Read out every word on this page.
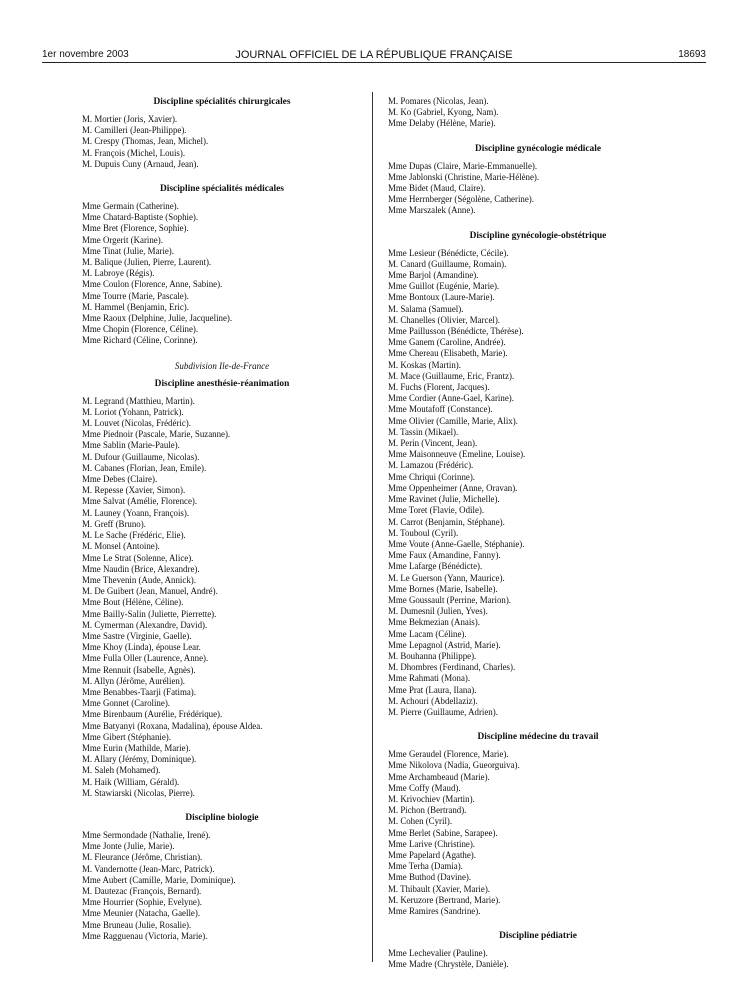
1er novembre 2003	JOURNAL OFFICIEL DE LA RÉPUBLIQUE FRANÇAISE	18693
Discipline spécialités chirurgicales
M. Mortier (Joris, Xavier).
M. Camilleri (Jean-Philippe).
M. Crespy (Thomas, Jean, Michel).
M. François (Michel, Louis).
M. Dupuis Cuny (Arnaud, Jean).
Discipline spécialités médicales
Mme Germain (Catherine).
Mme Chatard-Baptiste (Sophie).
Mme Bret (Florence, Sophie).
Mme Orgerit (Karine).
Mme Tinat (Julie, Marie).
M. Balique (Julien, Pierre, Laurent).
M. Labroye (Régis).
Mme Coulon (Florence, Anne, Sabine).
Mme Tourre (Marie, Pascale).
M. Hammel (Benjamin, Eric).
Mme Raoux (Delphine, Julie, Jacqueline).
Mme Chopin (Florence, Céline).
Mme Richard (Céline, Corinne).
Subdivision Ile-de-France
Discipline anesthésie-réanimation
M. Legrand (Matthieu, Martin).
M. Loriot (Yohann, Patrick).
M. Louvet (Nicolas, Frédéric).
Mme Piednoir (Pascale, Marie, Suzanne).
Mme Sablin (Marie-Paule).
M. Dufour (Guillaume, Nicolas).
M. Cabanes (Florian, Jean, Emile).
Mme Debes (Claire).
M. Repesse (Xavier, Simon).
Mme Salvat (Amélie, Florence).
M. Launey (Yoann, François).
M. Greff (Bruno).
M. Le Sache (Frédéric, Elie).
M. Monsel (Antoine).
Mme Le Strat (Solenne, Alice).
Mme Naudin (Brice, Alexandre).
Mme Thevenin (Aude, Annick).
M. De Guibert (Jean, Manuel, André).
Mme Bout (Hélène, Céline).
Mme Bailly-Salin (Juliette, Pierrette).
M. Cymerman (Alexandre, David).
Mme Sastre (Virginie, Gaelle).
Mme Khoy (Linda), épouse Lear.
Mme Fulla Oller (Laurence, Anne).
Mme Rennuit (Isabelle, Agnès).
M. Allyn (Jérôme, Aurélien).
Mme Benabbes-Taarji (Fatima).
Mme Gonnet (Caroline).
Mme Birenbaum (Aurélie, Frédérique).
Mme Batyanyi (Roxana, Madalina), épouse Aldea.
Mme Gibert (Stéphanie).
Mme Eurin (Mathilde, Marie).
M. Allary (Jérémy, Dominique).
M. Saleh (Mohamed).
M. Haik (William, Gérald).
M. Stawiarski (Nicolas, Pierre).
Discipline biologie
Mme Sermondade (Nathalie, Irené).
Mme Jonte (Julie, Marie).
M. Fleurance (Jérôme, Christian).
M. Vandernotte (Jean-Marc, Patrick).
Mme Aubert (Camille, Marie, Dominique).
M. Dautezac (François, Bernard).
Mme Hourrier (Sophie, Evelyne).
Mme Meunier (Natacha, Gaelle).
Mme Bruneau (Julie, Rosalie).
Mme Ragguenau (Victoria, Marie).
M. Pomares (Nicolas, Jean).
M. Ko (Gabriel, Kyong, Nam).
Mme Delaby (Hélène, Marie).
Discipline gynécologie médicale
Mme Dupas (Claire, Marie-Emmanuelle).
Mme Jablonski (Christine, Marie-Hélène).
Mme Bidet (Maud, Claire).
Mme Herrnberger (Ségolène, Catherine).
Mme Marszalek (Anne).
Discipline gynécologie-obstétrique
Mme Lesieur (Bénédicte, Cécile).
M. Canard (Guillaume, Romain).
Mme Barjol (Amandine).
Mme Guillot (Eugénie, Marie).
Mme Bontoux (Laure-Marie).
M. Salama (Samuel).
M. Chanelles (Olivier, Marcel).
Mme Paillusson (Bénédicte, Thérèse).
Mme Ganem (Caroline, Andrée).
Mme Chereau (Elisabeth, Marie).
M. Koskas (Martin).
M. Mace (Guillaume, Eric, Frantz).
M. Fuchs (Florent, Jacques).
Mme Cordier (Anne-Gael, Karine).
Mme Moutafoff (Constance).
Mme Olivier (Camille, Marie, Alix).
M. Tassin (Mikael).
M. Perin (Vincent, Jean).
Mme Maisonneuve (Emeline, Louise).
M. Lamazou (Frédéric).
Mme Chriqui (Corinne).
Mme Oppenheimer (Anne, Oravan).
Mme Ravinet (Julie, Michelle).
Mme Toret (Flavie, Odile).
M. Carrot (Benjamin, Stéphane).
M. Touboul (Cyril).
Mme Voute (Anne-Gaelle, Stéphanie).
Mme Faux (Amandine, Fanny).
Mme Lafarge (Bénédicte).
M. Le Guerson (Yann, Maurice).
Mme Bornes (Marie, Isabelle).
Mme Goussault (Perrine, Marion).
M. Dumesnil (Julien, Yves).
Mme Bekmezian (Anais).
Mme Lacam (Céline).
Mme Lepagnol (Astrid, Marie).
M. Bouhanna (Philippe).
M. Dhombres (Ferdinand, Charles).
Mme Rahmati (Mona).
Mme Prat (Laura, Ilana).
M. Achouri (Abdellaziz).
M. Pierre (Guillaume, Adrien).
Discipline médecine du travail
Mme Geraudel (Florence, Marie).
Mme Nikolova (Nadia, Gueorguiva).
Mme Archambeaud (Marie).
Mme Coffy (Maud).
M. Krivochiev (Martin).
M. Pichon (Bertrand).
M. Cohen (Cyril).
Mme Berlet (Sabine, Sarapee).
Mme Larive (Christine).
Mme Papelard (Agathe).
Mme Terha (Damia).
Mme Buthod (Davine).
M. Thibault (Xavier, Marie).
M. Keruzore (Bertrand, Marie).
Mme Ramires (Sandrine).
Discipline pédiatrie
Mme Lechevalier (Pauline).
Mme Madre (Chrystèle, Danièle).
